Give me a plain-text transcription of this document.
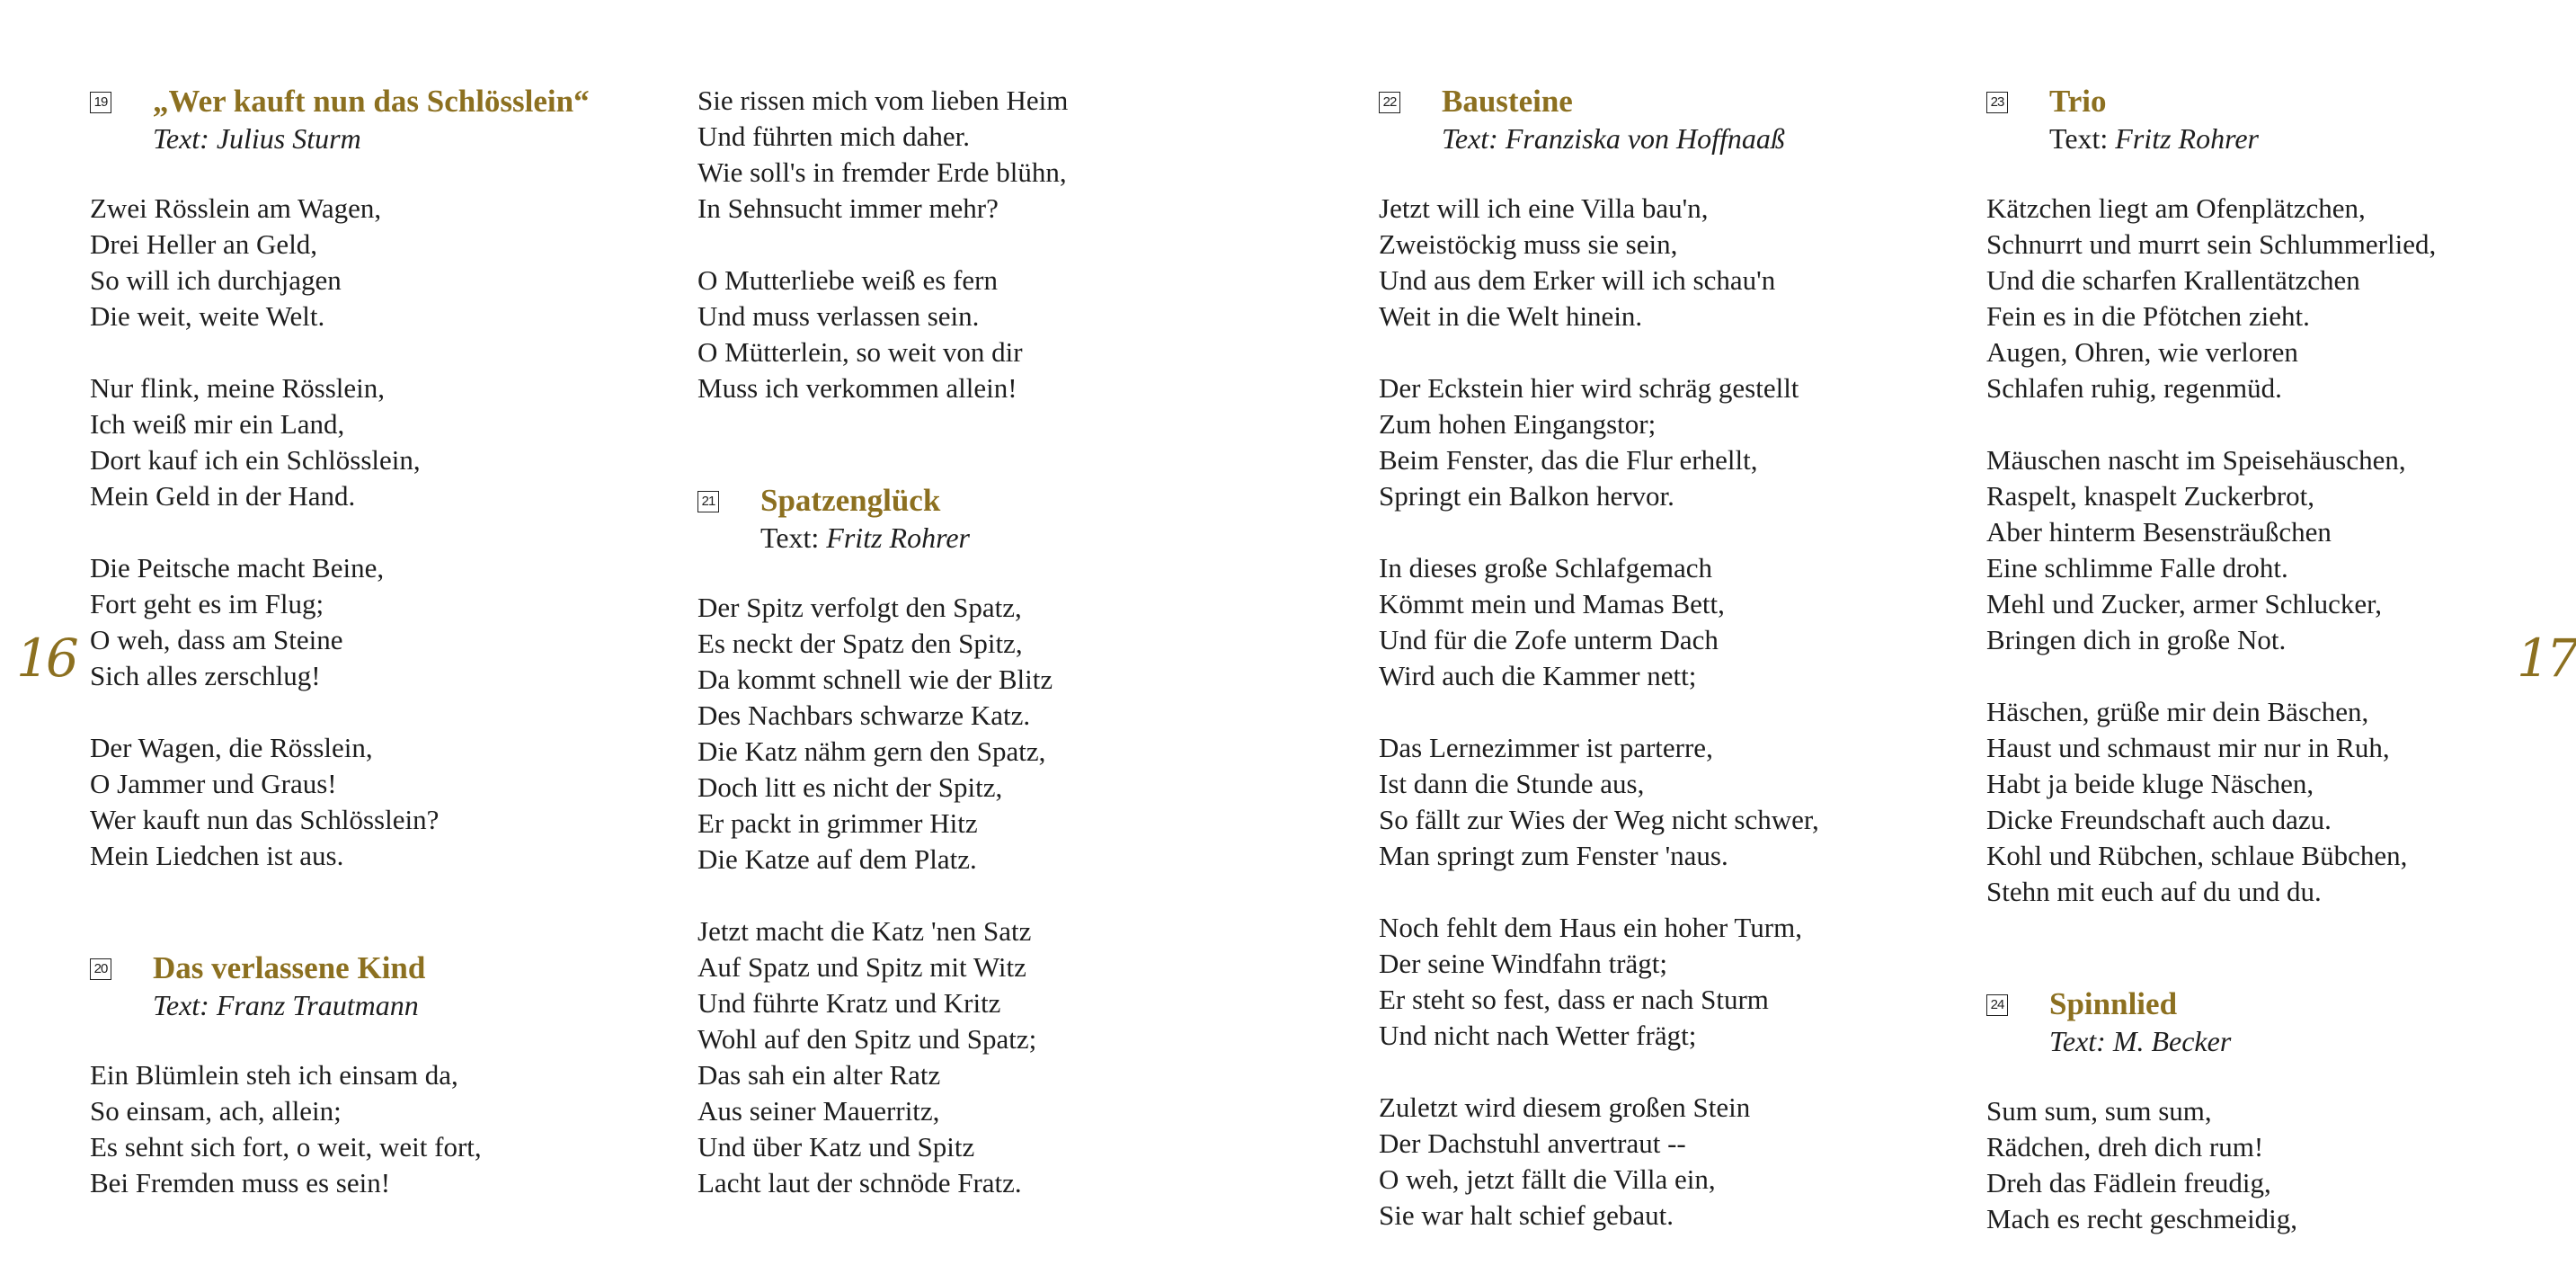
16	17
19 „Wer kauft nun das Schlösslein“
Text: Julius Sturm
Zwei Rösslein am Wagen,
Drei Heller an Geld,
So will ich durchjagen
Die weit, weite Welt.
Nur flink, meine Rösslein,
Ich weiß mir ein Land,
Dort kauf ich ein Schlösslein,
Mein Geld in der Hand.
Die Peitsche macht Beine,
Fort geht es im Flug;
O weh, dass am Steine
Sich alles zerschlug!
Der Wagen, die Rösslein,
O Jammer und Graus!
Wer kauft nun das Schlösslein?
Mein Liedchen ist aus.
20 Das verlassene Kind
Text: Franz Trautmann
Ein Blümlein steh ich einsam da,
So einsam, ach, allein;
Es sehnt sich fort, o weit, weit fort,
Bei Fremden muss es sein!
Sie rissen mich vom lieben Heim
Und führten mich daher.
Wie soll's in fremder Erde blühn,
In Sehnsucht immer mehr?
O Mutterliebe weiß es fern
Und muss verlassen sein.
O Mütterlein, so weit von dir
Muss ich verkommen allein!
21 Spatzenglück
Text: Fritz Rohrer
Der Spitz verfolgt den Spatz,
Es neckt der Spatz den Spitz,
Da kommt schnell wie der Blitz
Des Nachbars schwarze Katz.
Die Katz nähm gern den Spatz,
Doch litt es nicht der Spitz,
Er packt in grimmer Hitz
Die Katze auf dem Platz.
Jetzt macht die Katz 'nen Satz
Auf Spatz und Spitz mit Witz
Und führte Kratz und Kritz
Wohl auf den Spitz und Spatz;
Das sah ein alter Ratz
Aus seiner Mauerritz,
Und über Katz und Spitz
Lacht laut der schnöde Fratz.
22 Bausteine
Text: Franziska von Hoffnaaß
Jetzt will ich eine Villa bau'n,
Zweistöckig muss sie sein,
Und aus dem Erker will ich schau'n
Weit in die Welt hinein.
Der Eckstein hier wird schräg gestellt
Zum hohen Eingangstor;
Beim Fenster, das die Flur erhellt,
Springt ein Balkon hervor.
In dieses große Schlafgemach
Kömmt mein und Mamas Bett,
Und für die Zofe unterm Dach
Wird auch die Kammer nett;
Das Lernezimmer ist parterre,
Ist dann die Stunde aus,
So fällt zur Wies der Weg nicht schwer,
Man springt zum Fenster 'naus.
Noch fehlt dem Haus ein hoher Turm,
Der seine Windfahn trägt;
Er steht so fest, dass er nach Sturm
Und nicht nach Wetter frägt;
Zuletzt wird diesem großen Stein
Der Dachstuhl anvertraut --
O weh, jetzt fällt die Villa ein,
Sie war halt schief gebaut.
23 Trio
Text: Fritz Rohrer
Kätzchen liegt am Ofenplätzchen,
Schnurrt und murrt sein Schlummerlied,
Und die scharfen Krallentätzchen
Fein es in die Pfötchen zieht.
Augen, Ohren, wie verloren
Schlafen ruhig, regenmüd.
Mäuschen nascht im Speisehäuschen,
Raspelt, knaspelt Zuckerbrot,
Aber hinterm Besensträußchen
Eine schlimme Falle droht.
Mehl und Zucker, armer Schlucker,
Bringen dich in große Not.
Häschen, grüße mir dein Bäschen,
Haust und schmaust mir nur in Ruh,
Habt ja beide kluge Näschen,
Dicke Freundschaft auch dazu.
Kohl und Rübchen, schlaue Bübchen,
Stehn mit euch auf du und du.
24 Spinnlied
Text: M. Becker
Sum sum, sum sum,
Rädchen, dreh dich rum!
Dreh das Fädlein freudig,
Mach es recht geschmeidig,
